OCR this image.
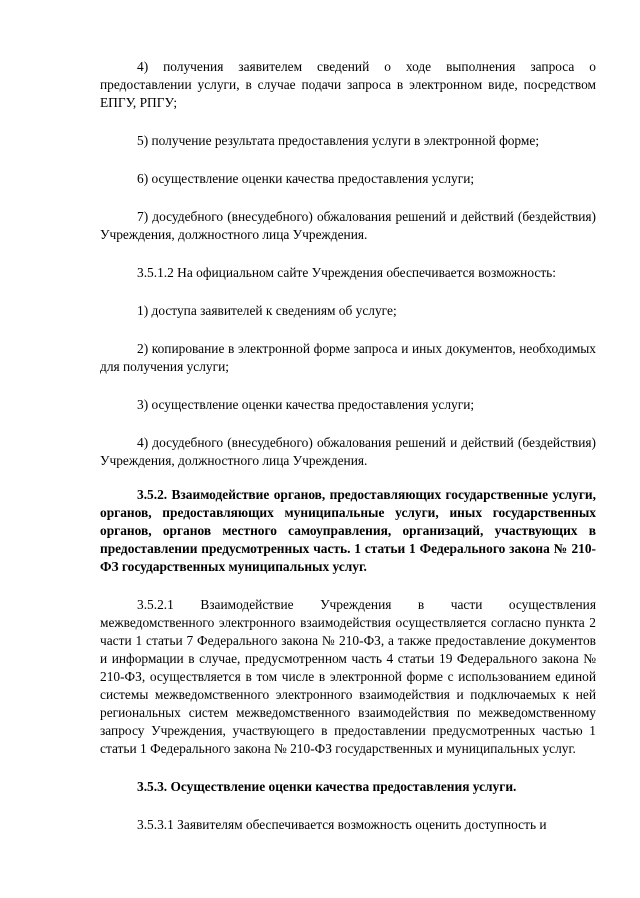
4) получения заявителем сведений о ходе выполнения запроса о предоставлении услуги, в случае подачи запроса в электронном виде, посредством ЕПГУ, РПГУ;

5) получение результата предоставления услуги в электронной форме;

6) осуществление оценки качества предоставления услуги;

7) досудебного (внесудебного) обжалования решений и действий (бездействия) Учреждения, должностного лица Учреждения.

3.5.1.2 На официальном сайте Учреждения обеспечивается возможность:

1) доступа заявителей к сведениям об услуге;

2) копирование в электронной форме запроса и иных документов, необходимых для получения услуги;

3) осуществление оценки качества предоставления услуги;

4) досудебного (внесудебного) обжалования решений и действий (бездействия) Учреждения, должностного лица Учреждения.

3.5.2. Взаимодействие органов, предоставляющих государственные услуги, органов, предоставляющих муниципальные услуги, иных государственных органов, органов местного самоуправления, организаций, участвующих в предоставлении предусмотренных часть. 1 статьи 1 Федерального закона № 210-ФЗ государственных муниципальных услуг.

3.5.2.1 Взаимодействие Учреждения в части осуществления межведомственного электронного взаимодействия осуществляется согласно пункта 2 части 1 статьи 7 Федерального закона № 210-ФЗ, а также предоставление документов и информации в случае, предусмотренном часть 4 статьи 19 Федерального закона № 210-ФЗ, осуществляется в том числе в электронной форме с использованием единой системы межведомственного электронного взаимодействия и подключаемых к ней региональных систем межведомственного взаимодействия по межведомственному запросу Учреждения, участвующего в предоставлении предусмотренных частью 1 статьи 1 Федерального закона № 210-ФЗ государственных и муниципальных услуг.

3.5.3. Осуществление оценки качества предоставления услуги.

3.5.3.1 Заявителям обеспечивается возможность оценить доступность и
